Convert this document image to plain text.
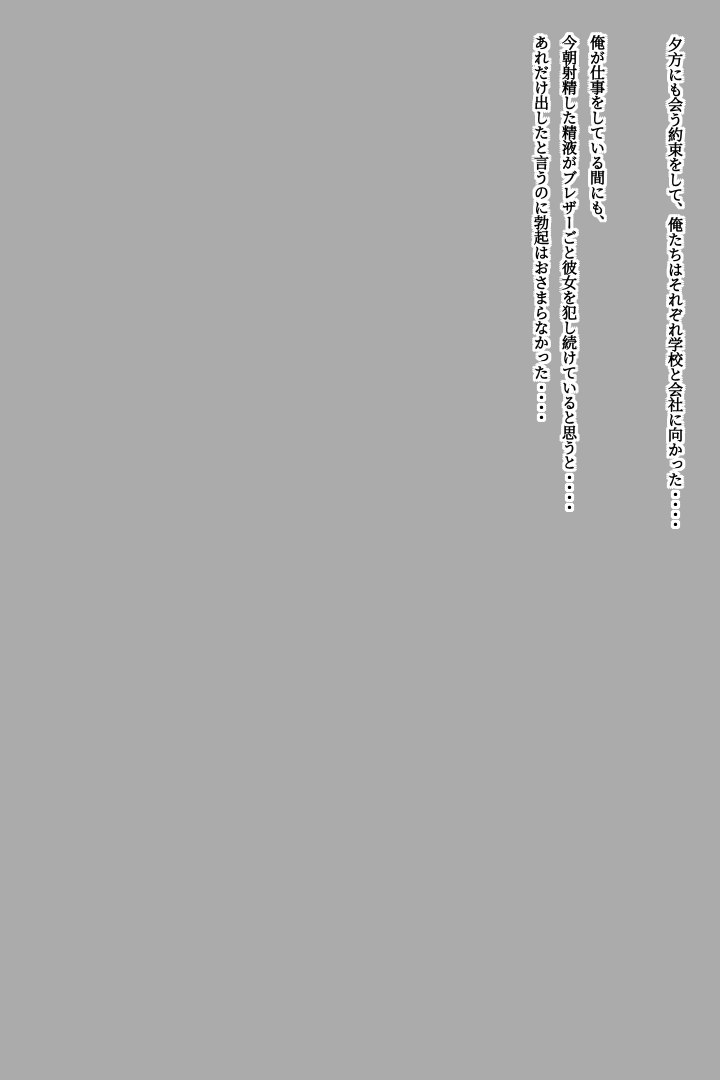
夕方にも会う約束をして、俺たちはそれぞれ学校と会社に向かった・・・・

俺が仕事をしている間にも、

今朝射精した精液がブレザーごと彼女を犯し続けていると思うと・・・・

あれだけ出したと言うのに勃起はおさまらなかった・・・・
